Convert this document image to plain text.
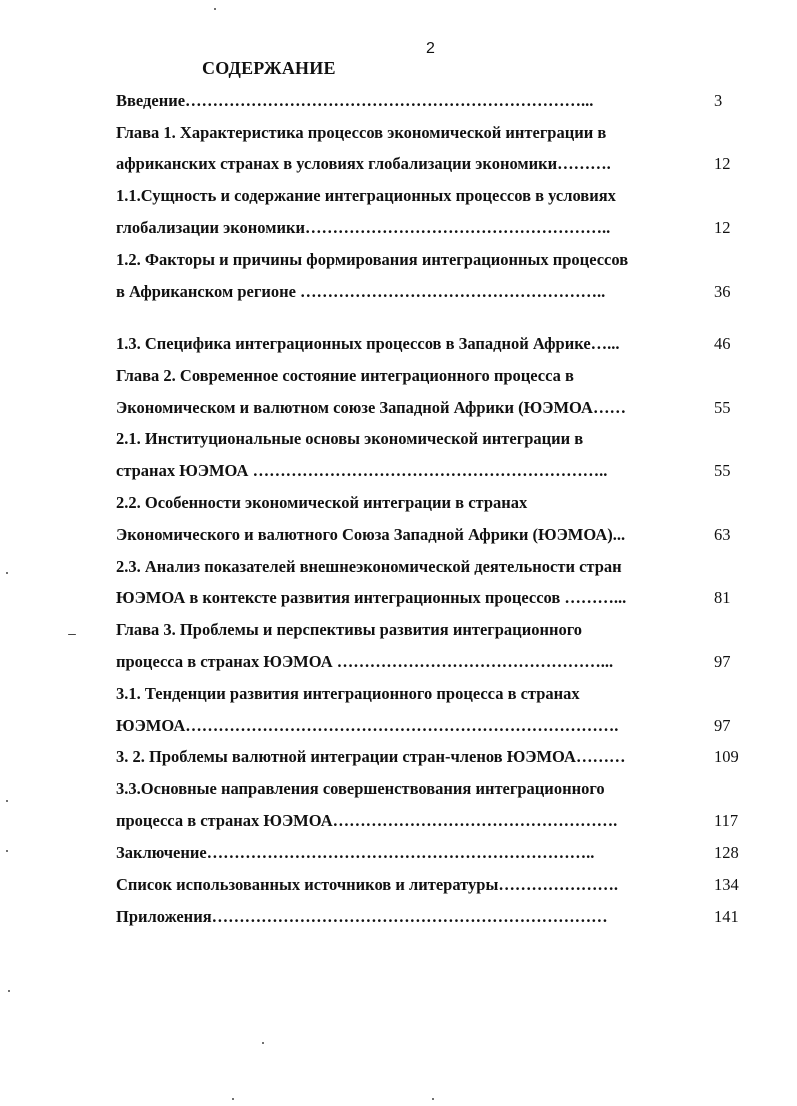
2
СОДЕРЖАНИЕ
Введение………………………………………………………………...	3
Глава 1. Характеристика процессов экономической интеграции в
африканских странах в условиях глобализации экономики……….	12
1.1.Сущность и содержание интеграционных процессов в условиях
глобализации экономики………………………………………………..	12
1.2. Факторы и причины формирования интеграционных процессов
в Африканском регионе ………………………………………………..	36
1.3. Специфика интеграционных процессов в Западной Африке…...	46
Глава 2. Современное состояние интеграционного процесса в
Экономическом и валютном союзе Западной Африки (ЮЭМОА……	55
2.1. Институциональные основы экономической интеграции в
странах ЮЭМОА ………………………………………………………..	55
2.2. Особенности экономической интеграции в странах
Экономического и валютного Союза Западной Африки (ЮЭМОА)...	63
2.3. Анализ показателей внешнеэкономической деятельности стран
ЮЭМОА в контексте развития интеграционных процессов ………...	81
Глава 3. Проблемы и перспективы развития интеграционного
процесса в странах ЮЭМОА …………………………………………...	97
3.1. Тенденции развития интеграционного процесса в странах
ЮЭМОА…………………………………………………………………….	97
3. 2. Проблемы валютной интеграции стран-членов ЮЭМОА………	109
3.3.Основные направления совершенствования интеграционного
процесса в странах ЮЭМОА…………………………………………….	117
Заключение……………………………………………………………..	128
Список использованных источников и литературы………………….	134
Приложения………………………………………………………………	141
